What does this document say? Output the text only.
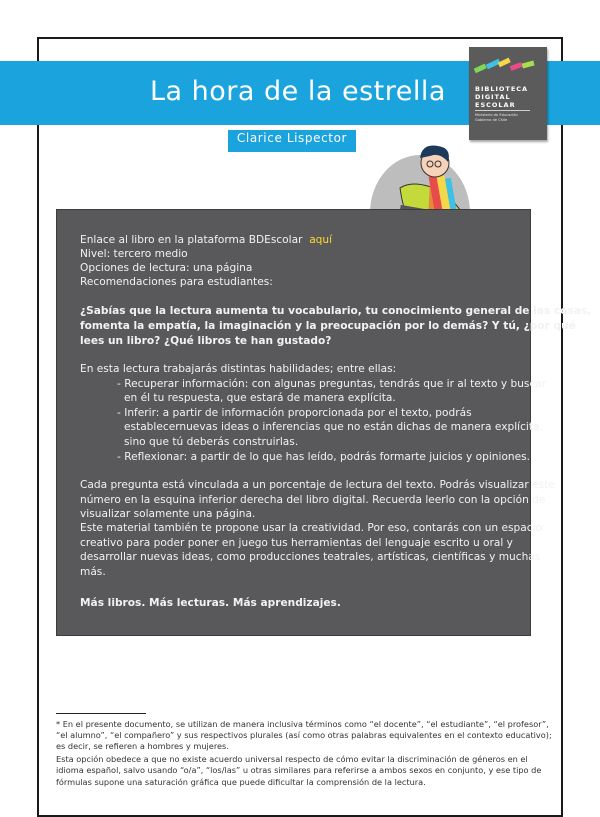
La hora de la estrella
Clarice Lispector
BIBLIOTECA
DIGITAL
ESCOLAR
Ministerio de Educación
Gobierno de Chile
Enlace al libro en la plataforma BDEscolar aquí
Nivel: tercero medio
Opciones de lectura: una página
Recomendaciones para estudiantes:
¿Sabías que la lectura aumenta tu vocabulario, tu conocimiento general de las cosas,
fomenta la empatía, la imaginación y la preocupación por lo demás? Y tú, ¿por qué
lees un libro? ¿Qué libros te han gustado?
En esta lectura trabajarás distintas habilidades; entre ellas:
- Recuperar información: con algunas preguntas, tendrás que ir al texto y buscar
en él tu respuesta, que estará de manera explícita.
- Inferir: a partir de información proporcionada por el texto, podrás
establecernuevas ideas o inferencias que no están dichas de manera explícita,
sino que tú deberás construirlas.
- Reflexionar: a partir de lo que has leído, podrás formarte juicios y opiniones.
Cada pregunta está vinculada a un porcentaje de lectura del texto. Podrás visualizar este
número en la esquina inferior derecha del libro digital. Recuerda leerlo con la opción de
visualizar solamente una página.
Este material también te propone usar la creatividad. Por eso, contarás con un espacio
creativo para poder poner en juego tus herramientas del lenguaje escrito u oral y
desarrollar nuevas ideas, como producciones teatrales, artísticas, científicas y muchas
más.
Más libros. Más lecturas. Más aprendizajes.
* En el presente documento, se utilizan de manera inclusiva términos como “el docente”, “el estudiante”, “el profesor”,
“el alumno”, “el compañero” y sus respectivos plurales (así como otras palabras equivalentes en el contexto educativo);
es decir, se refieren a hombres y mujeres.
Esta opción obedece a que no existe acuerdo universal respecto de cómo evitar la discriminación de géneros en el
idioma español, salvo usando “o/a”, “los/las” u otras similares para referirse a ambos sexos en conjunto, y ese tipo de
fórmulas supone una saturación gráfica que puede dificultar la comprensión de la lectura.
